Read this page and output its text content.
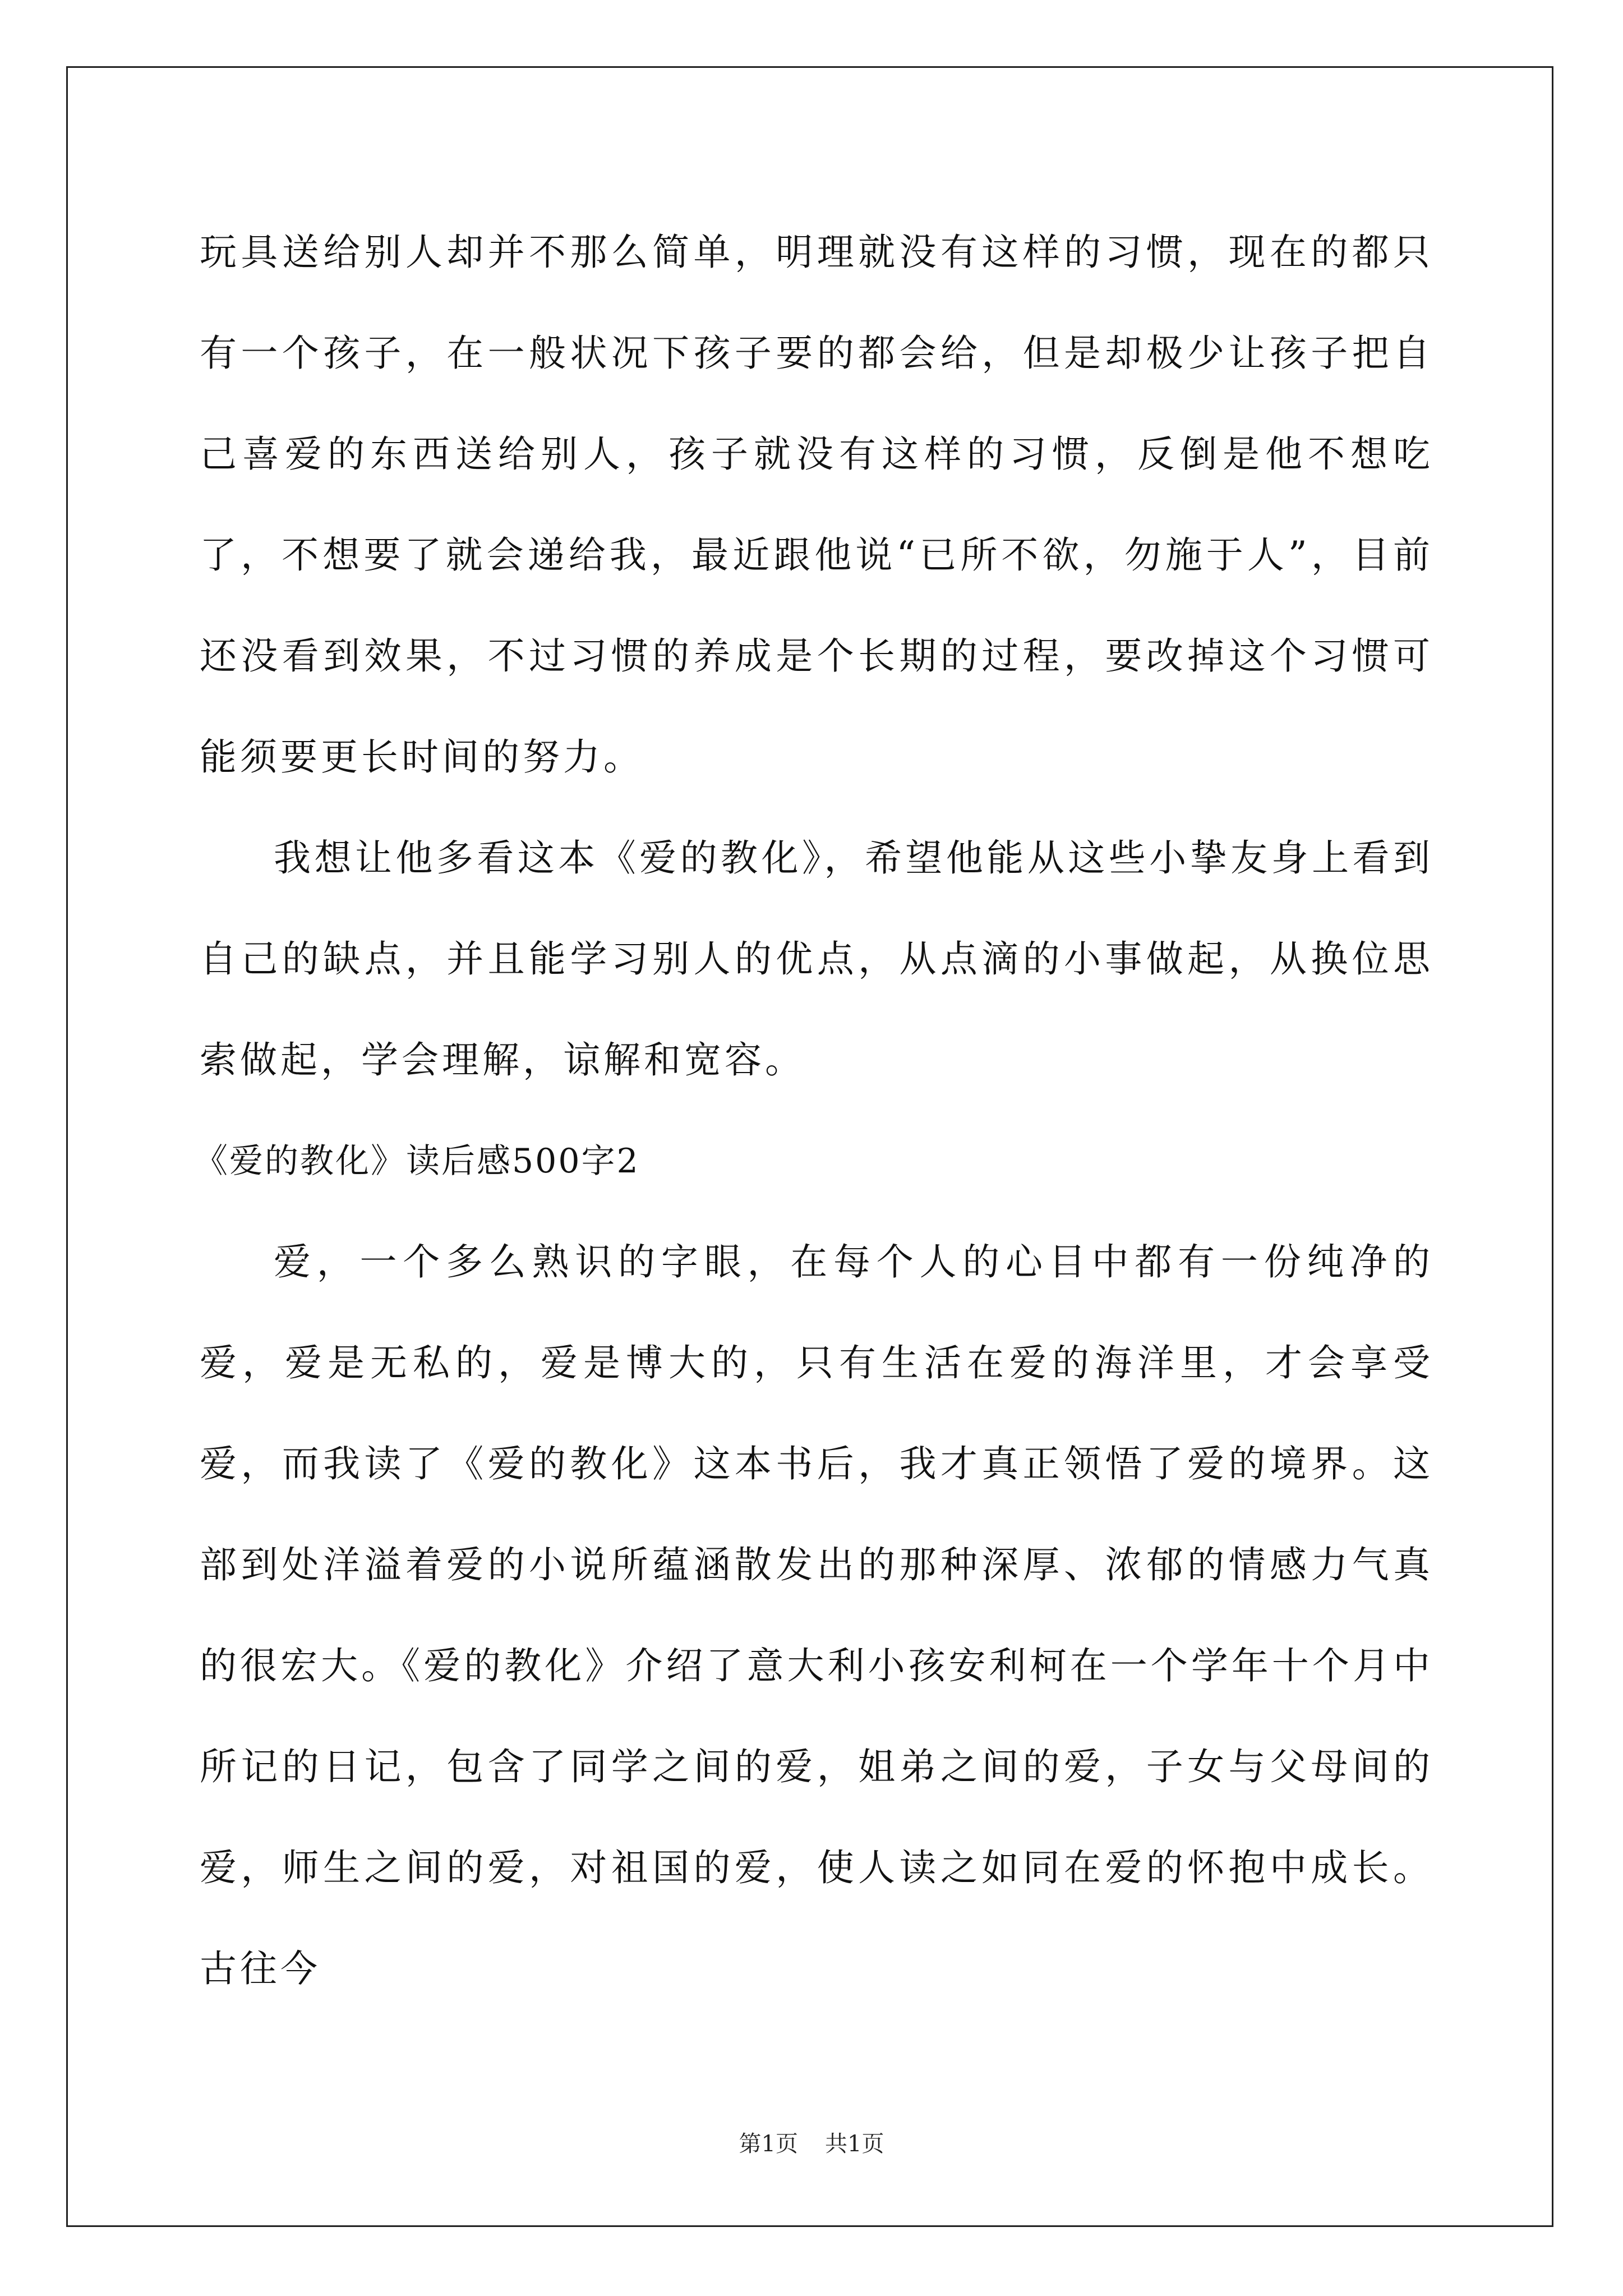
玩具送给别人却并不那么简单，明理就没有这样的习惯，现在的都只有一个孩子，在一般状况下孩子要的都会给，但是却极少让孩子把自己喜爱的东西送给别人，孩子就没有这样的习惯，反倒是他不想吃了，不想要了就会递给我，最近跟他说“已所不欲，勿施于人”，目前还没看到效果，不过习惯的养成是个长期的过程，要改掉这个习惯可能须要更长时间的努力。

我想让他多看这本《爱的教化》，希望他能从这些小挚友身上看到自己的缺点，并且能学习别人的优点，从点滴的小事做起，从换位思索做起，学会理解，谅解和宽容。

《爱的教化》读后感500字2

爱，一个多么熟识的字眼，在每个人的心目中都有一份纯净的爱，爱是无私的，爱是博大的，只有生活在爱的海洋里，才会享受爱，而我读了《爱的教化》这本书后，我才真正领悟了爱的境界。这部到处洋溢着爱的小说所蕴涵散发出的那种深厚、浓郁的情感力气真的很宏大。《爱的教化》介绍了意大利小孩安利柯在一个学年十个月中所记的日记，包含了同学之间的爱，姐弟之间的爱，子女与父母间的爱，师生之间的爱，对祖国的爱，使人读之如同在爱的怀抱中成长。古往今

第1页 共1页
